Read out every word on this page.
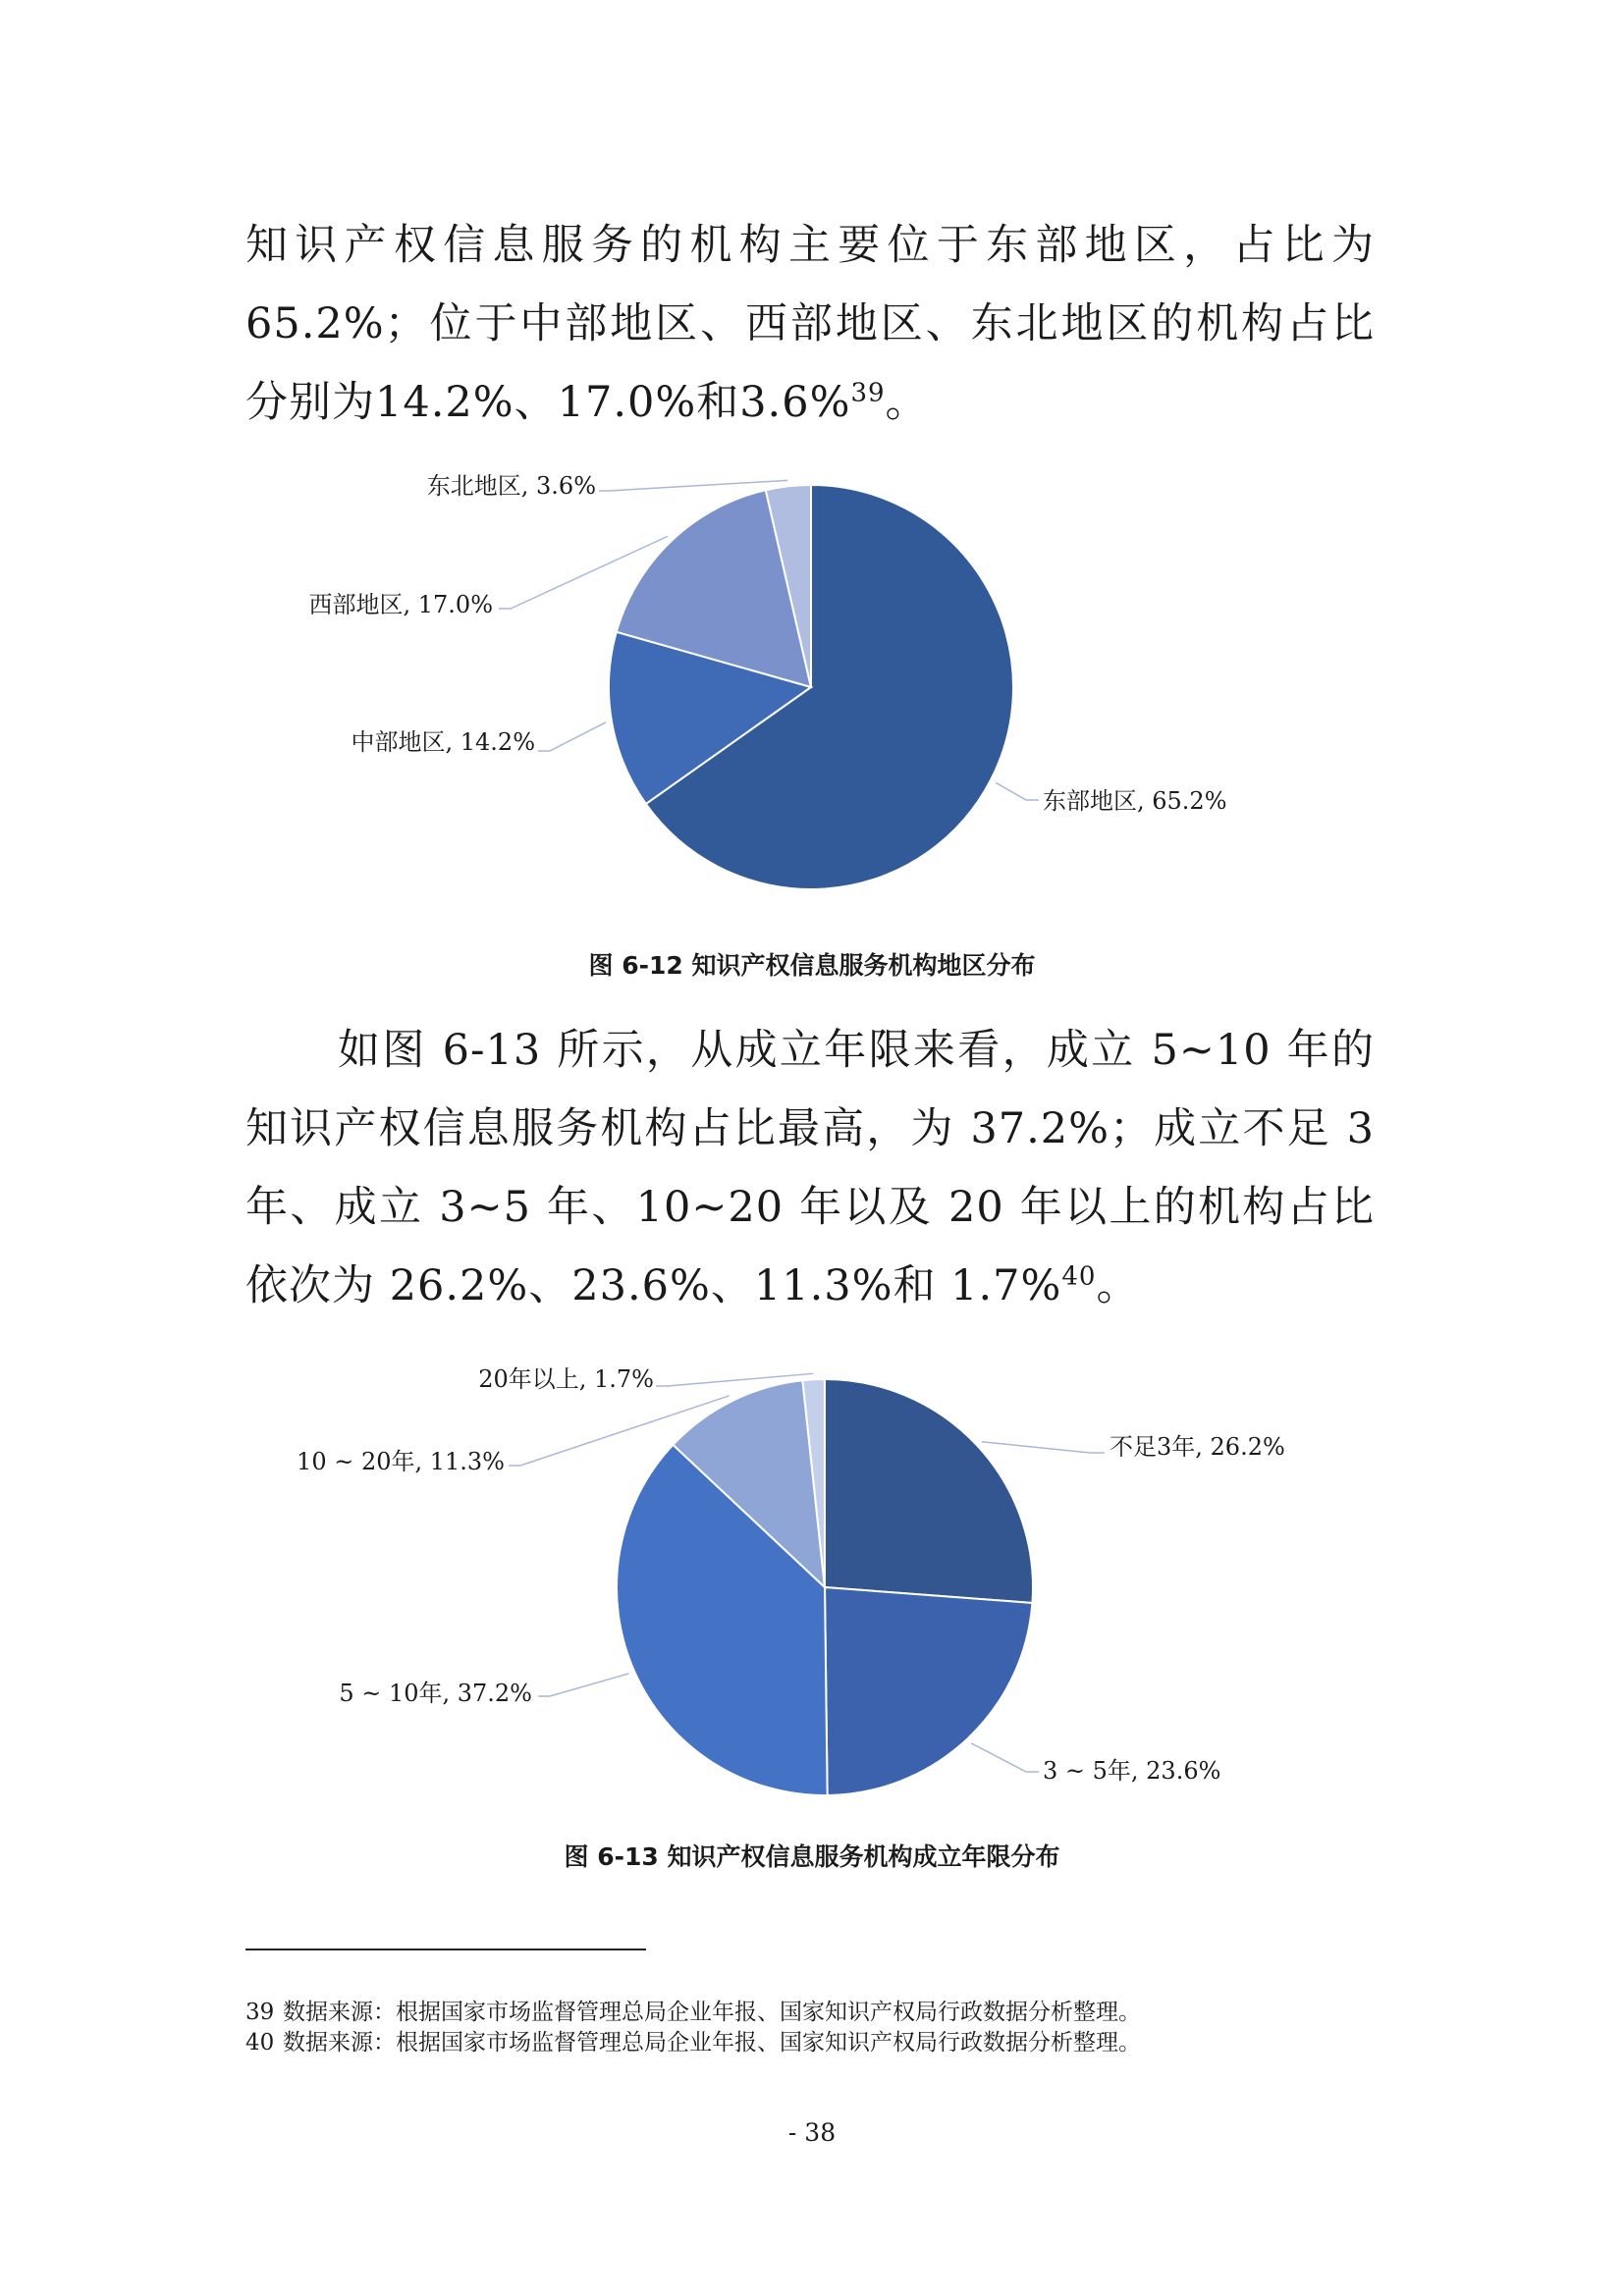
知识产权信息服务的机构主要位于东部地区，占比为65.2%；位于中部地区、西部地区、东北地区的机构占比分别为14.2%、17.0%和3.6%$^{39}$。

东部地区, 65.2%
中部地区, 14.2%
西部地区, 17.0%
东北地区, 3.6%
图 6-12 知识产权信息服务机构地区分布

如图 6-13 所示，从成立年限来看，成立 5~10 年的知识产权信息服务机构占比最高，为 37.2%；成立不足 3 年、成立 3~5 年、10~20 年以及 20 年以上的机构占比依次为 26.2%、23.6%、11.3%和 1.7%$^{40}$。

不足3年, 26.2%
3 ~ 5年, 23.6%
5 ~ 10年, 37.2%
10 ~ 20年, 11.3%
20年以上, 1.7%
图 6-13 知识产权信息服务机构成立年限分布
39 数据来源：根据国家市场监督管理总局企业年报、国家知识产权局行政数据分析整理。
40 数据来源：根据国家市场监督管理总局企业年报、国家知识产权局行政数据分析整理。
- 38
